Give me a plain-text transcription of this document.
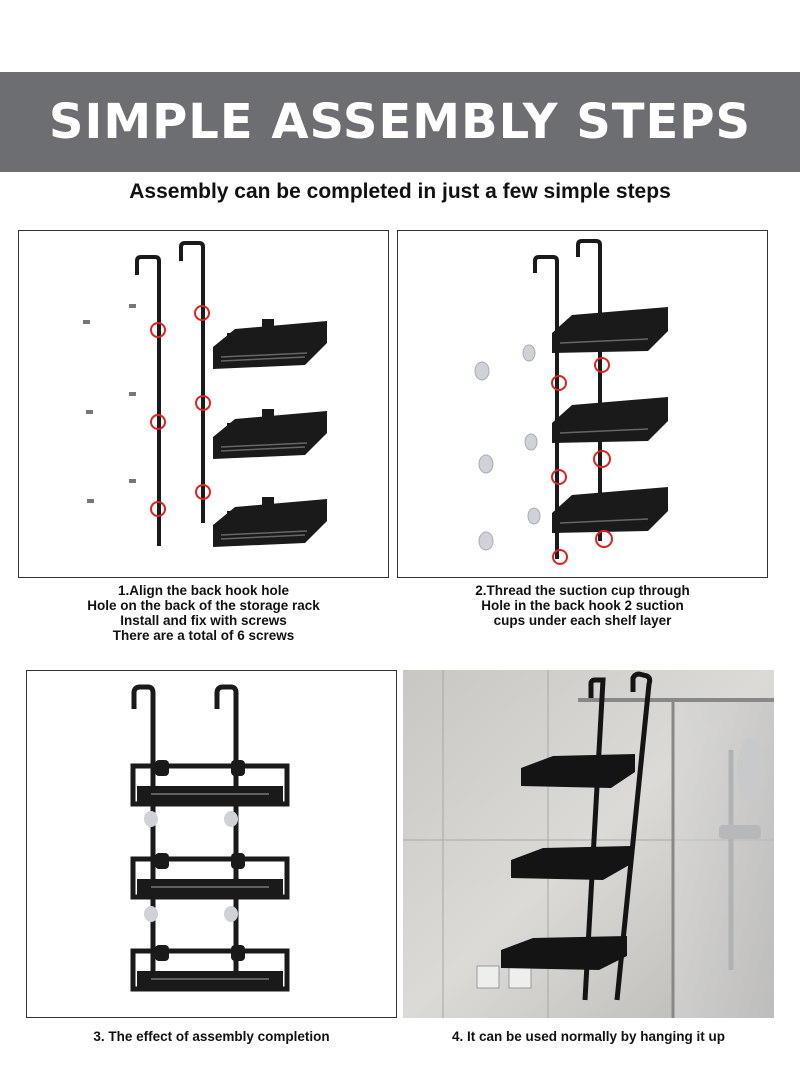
SIMPLE ASSEMBLY STEPS
Assembly can be completed in just a few simple steps
1.Align the back hook hole
Hole on the back of the storage rack
Install and fix with screws
There are a total of 6 screws
2.Thread the suction cup through
Hole in the back hook 2 suction
cups under each shelf layer
3. The effect of assembly completion	4. It can be used normally by hanging it up
